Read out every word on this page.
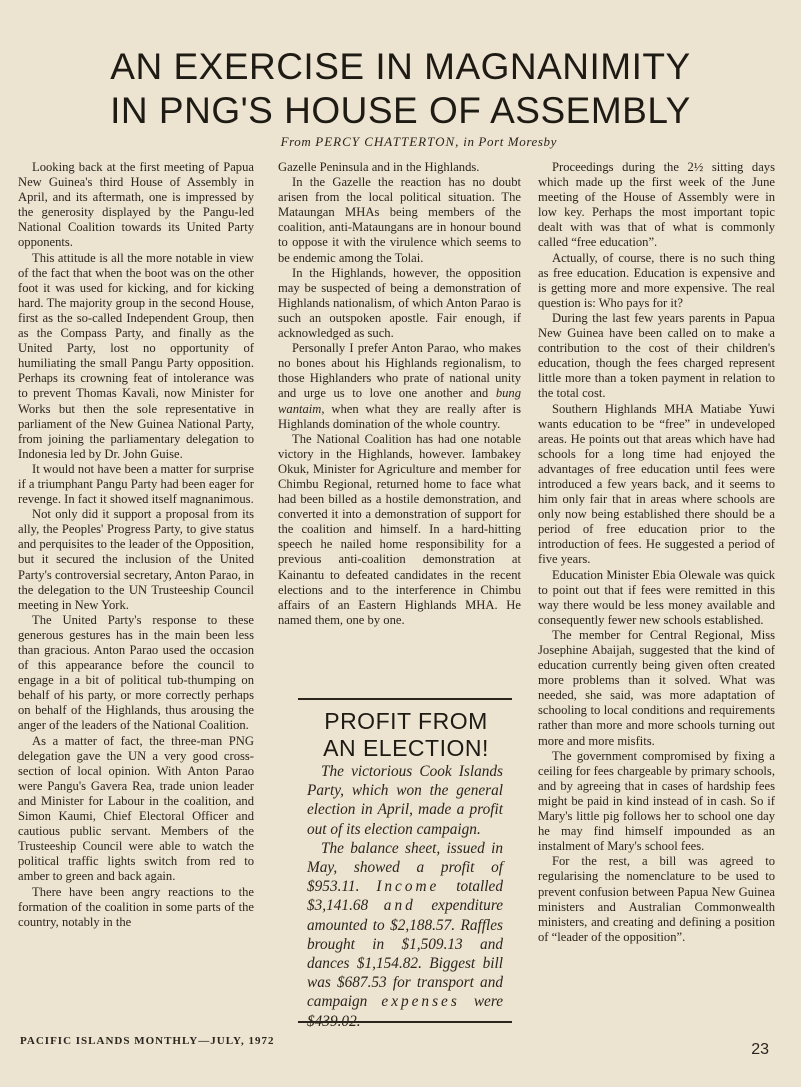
AN EXERCISE IN MAGNANIMITY
IN PNG'S HOUSE OF ASSEMBLY
From PERCY CHATTERTON, in Port Moresby

Looking back at the first meeting of Papua New Guinea's third House of Assembly in April, and its aftermath, one is impressed by the generosity displayed by the Pangu-led National Coalition towards its United Party opponents.

This attitude is all the more notable in view of the fact that when the boot was on the other foot it was used for kicking, and for kicking hard. The majority group in the second House, first as the so-called Independent Group, then as the Compass Party, and finally as the United Party, lost no opportunity of humiliating the small Pangu Party opposition. Perhaps its crowning feat of intolerance was to prevent Thomas Kavali, now Minister for Works but then the sole representative in parliament of the New Guinea National Party, from joining the parliamentary delegation to Indonesia led by Dr. John Guise.

It would not have been a matter for surprise if a triumphant Pangu Party had been eager for revenge. In fact it showed itself magnanimous.

Not only did it support a proposal from its ally, the Peoples' Progress Party, to give status and perquisites to the leader of the Opposition, but it secured the inclusion of the United Party's controversial secretary, Anton Parao, in the delegation to the UN Trusteeship Council meeting in New York.

The United Party's response to these generous gestures has in the main been less than gracious. Anton Parao used the occasion of this appearance before the council to engage in a bit of political tub-thumping on behalf of his party, or more correctly perhaps on behalf of the Highlands, thus arousing the anger of the leaders of the National Coalition.

As a matter of fact, the three-man PNG delegation gave the UN a very good cross-section of local opinion. With Anton Parao were Pangu's Gavera Rea, trade union leader and Minister for Labour in the coalition, and Simon Kaumi, Chief Electoral Officer and cautious public servant. Members of the Trusteeship Council were able to watch the political traffic lights switch from red to amber to green and back again.

There have been angry reactions to the formation of the coalition in some parts of the country, notably in the

Gazelle Peninsula and in the Highlands.

In the Gazelle the reaction has no doubt arisen from the local political situation. The Mataungan MHAs being members of the coalition, anti-Mataungans are in honour bound to oppose it with the virulence which seems to be endemic among the Tolai.

In the Highlands, however, the opposition may be suspected of being a demonstration of Highlands nationalism, of which Anton Parao is such an outspoken apostle. Fair enough, if acknowledged as such.

Personally I prefer Anton Parao, who makes no bones about his Highlands regionalism, to those Highlanders who prate of national unity and urge us to love one another and bung wantaim, when what they are really after is Highlands domination of the whole country.

The National Coalition has had one notable victory in the Highlands, however. Iambakey Okuk, Minister for Agriculture and member for Chimbu Regional, returned home to face what had been billed as a hostile demonstration, and converted it into a demonstration of support for the coalition and himself. In a hard-hitting speech he nailed home responsibility for a previous anti-coalition demonstration at Kainantu to defeated candidates in the recent elections and to the interference in Chimbu affairs of an Eastern Highlands MHA. He named them, one by one.

PROFIT FROM
AN ELECTION!

The victorious Cook Islands Party, which won the general election in April, made a profit out of its election campaign.

The balance sheet, issued in May, showed a profit of $953.11. Income totalled $3,141.68 and expenditure amounted to $2,188.57. Raffles brought in $1,509.13 and dances $1,154.82. Biggest bill was $687.53 for transport and campaign expenses were $439.02.

Proceedings during the 2½ sitting days which made up the first week of the June meeting of the House of Assembly were in low key. Perhaps the most important topic dealt with was that of what is commonly called “free education”.

Actually, of course, there is no such thing as free education. Education is expensive and is getting more and more expensive. The real question is: Who pays for it?

During the last few years parents in Papua New Guinea have been called on to make a contribution to the cost of their children's education, though the fees charged represent little more than a token payment in relation to the total cost.

Southern Highlands MHA Matiabe Yuwi wants education to be “free” in undeveloped areas. He points out that areas which have had schools for a long time had enjoyed the advantages of free education until fees were introduced a few years back, and it seems to him only fair that in areas where schools are only now being established there should be a period of free education prior to the introduction of fees. He suggested a period of five years.

Education Minister Ebia Olewale was quick to point out that if fees were remitted in this way there would be less money available and consequently fewer new schools established.

The member for Central Regional, Miss Josephine Abaijah, suggested that the kind of education currently being given often created more problems than it solved. What was needed, she said, was more adaptation of schooling to local conditions and requirements rather than more and more schools turning out more and more misfits.

The government compromised by fixing a ceiling for fees chargeable by primary schools, and by agreeing that in cases of hardship fees might be paid in kind instead of in cash. So if Mary's little pig follows her to school one day he may find himself impounded as an instalment of Mary's school fees.

For the rest, a bill was agreed to regularising the nomenclature to be used to prevent confusion between Papua New Guinea ministers and Australian Commonwealth ministers, and creating and defining a position of “leader of the opposition”.

PACIFIC ISLANDS MONTHLY—JULY, 1972	23
